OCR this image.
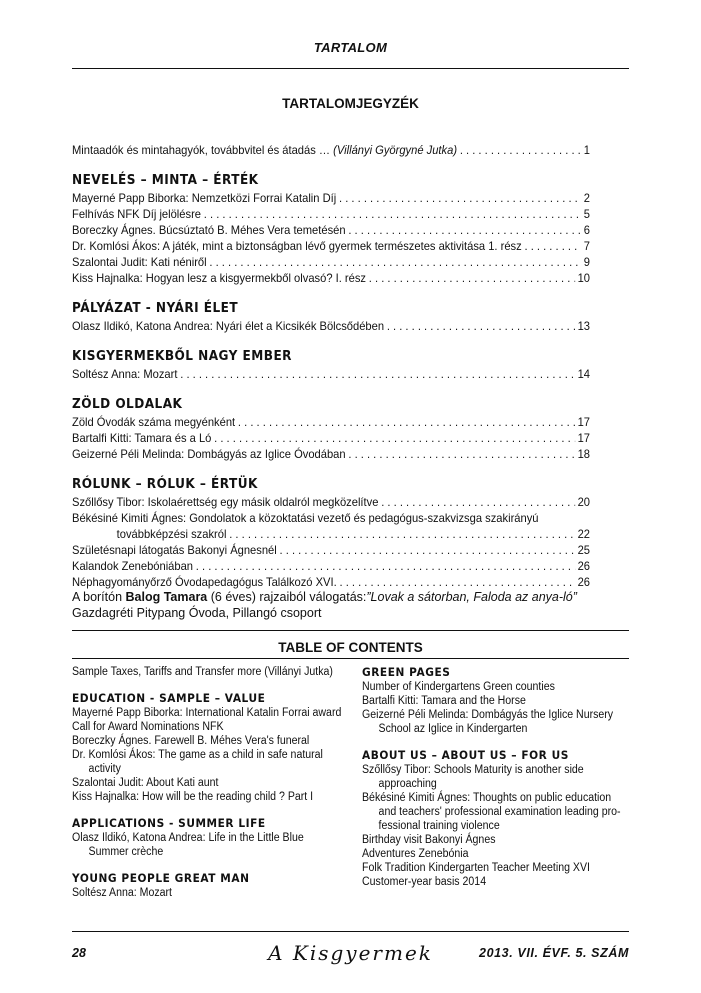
TARTALOM
TARTALOMJEGYZÉK
Mintaadók és mintahagyók, továbbvitel és átadás … (Villányi Györgyné Jutka) . . .	1
NEVELÉS – MINTA – ÉRTÉK
Mayerné Papp Biborka: Nemzetközi Forrai Katalin Díj . . .	2
Felhívás NFK Díj jelölésre . . .	5
Boreczky Ágnes. Búcsúztató B. Méhes Vera temetésén . . .	6
Dr. Komlósi Ákos: A játék, mint a biztonságban lévő gyermek természetes aktivitása 1. rész . . .	7
Szalontai Judit: Kati néniről . . .	9
Kiss Hajnalka: Hogyan lesz a kisgyermekből olvasó? I. rész . . .	10
PÁLYÁZAT - NYÁRI ÉLET
Olasz Ildikó, Katona Andrea: Nyári élet a Kicsikék Bölcsődében . . .	13
KISGYERMEKBŐL NAGY EMBER
Soltész Anna: Mozart . . .	14
ZÖLD OLDALAK
Zöld Óvodák száma megyénként . . .	17
Bartalfi Kitti: Tamara és a Ló . . .	17
Geizerné Péli Melinda: Dombágyás az Iglice Óvodában . . .	18
RÓLUNK – RÓLUK – ÉRTÜK
Szőllősy Tibor: Iskolaérettség egy másik oldalról megközelítve . . .	20
Békésiné Kimiti Ágnes: Gondolatok a közoktatási vezető és pedagógus-szakvizsga szakirányú
továbbképzési szakról . . .	22
Születésnapi látogatás Bakonyi Ágnesnél . . .	25
Kalandok Zenebóniában . . .	26
Néphagyományőrző Óvodapedagógus Találkozó XVI. . . .	26
A borítón Balog Tamara (6 éves) rajzaiból válogatás:”Lovak a sátorban, Faloda az anya-ló”
Gazdagréti Pitypang Óvoda, Pillangó csoport
TABLE OF CONTENTS
Sample Taxes, Tariffs and Transfer more (Villányi Jutka)
EDUCATION - SAMPLE – VALUE
Mayerné Papp Biborka: International Katalin Forrai award
Call for Award Nominations NFK
Boreczky Ágnes. Farewell B. Méhes Vera's funeral
Dr. Komlósi Ákos: The game as a child in safe natural
activity
Szalontai Judit: About Kati aunt
Kiss Hajnalka: How will be the reading child ? Part I
APPLICATIONS - SUMMER LIFE
Olasz Ildikó, Katona Andrea: Life in the Little Blue
Summer crèche
YOUNG PEOPLE GREAT MAN
Soltész Anna: Mozart
GREEN PAGES
Number of Kindergartens Green counties
Bartalfi Kitti: Tamara and the Horse
Geizerné Péli Melinda: Dombágyás the Iglice Nursery
School az Iglice in Kindergarten
ABOUT US – ABOUT US – FOR US
Szőllősy Tibor: Schools Maturity is another side
approaching
Békésiné Kimiti Ágnes: Thoughts on public education
and teachers' professional examination leading pro-
fessional training violence
Birthday visit Bakonyi Ágnes
Adventures Zenebónia
Folk Tradition Kindergarten Teacher Meeting XVI
Customer-year basis 2014
28	A Kisgyermek	2013. VII. ÉVF. 5. SZÁM
